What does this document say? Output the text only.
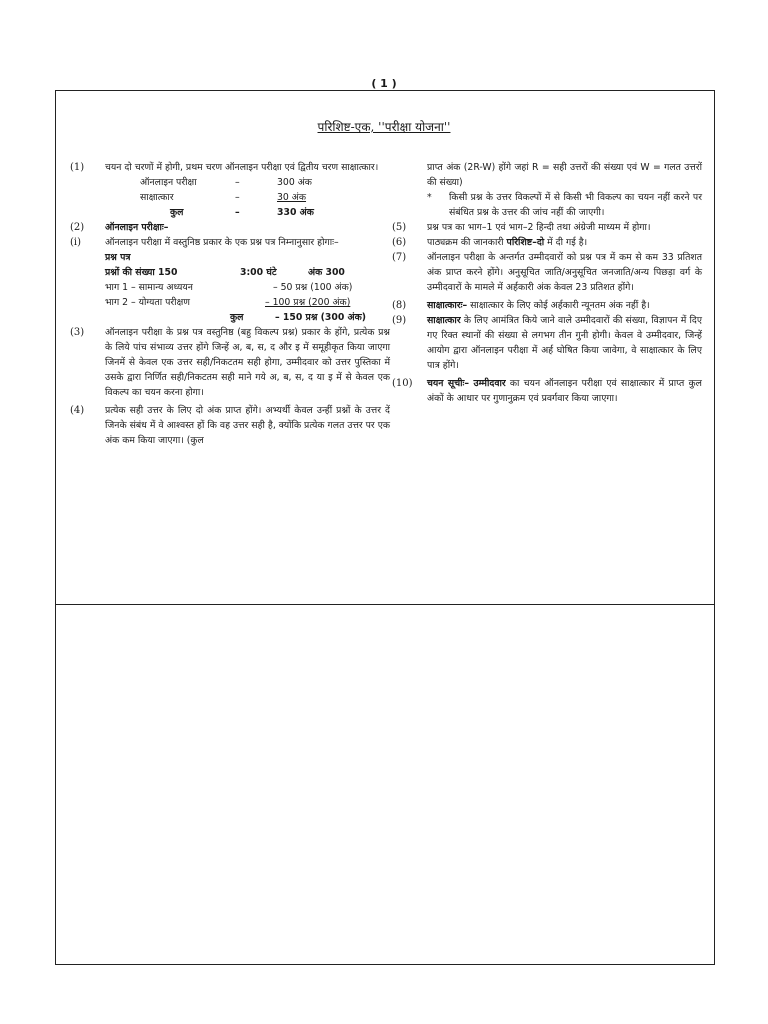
( 1 )
परिशिष्ट-एक, ''परीक्षा योजना''
(1)	चयन दो चरणों में होगी, प्रथम चरण ऑनलाइन परीक्षा एवं द्वितीय चरण साक्षात्कार।
ऑनलाइन परीक्षा	–	300 अंक
साक्षात्कार	–	30 अंक
कुल	–	330 अंक
(2)	ऑनलाइन परीक्षाः–
(i)	ऑनलाइन परीक्षा में वस्तुनिष्ठ प्रकार के एक प्रश्न पत्र निम्नानुसार होगाः–
प्रश्न पत्र
प्रश्नों की संख्या 150	3:00 घंटे	अंक 300
भाग 1 – सामान्य अध्ययन	– 50 प्रश्न (100 अंक)
भाग 2 – योग्यता परीक्षण	– 100 प्रश्न (200 अंक)
कुल	– 150 प्रश्न (300 अंक)
(3)	ऑनलाइन परीक्षा के प्रश्न पत्र वस्तुनिष्ठ (बहु विकल्प प्रश्न) प्रकार के होंगे, प्रत्येक प्रश्न के लिये पांच संभाव्य उत्तर होंगे जिन्हें अ, ब, स, द और इ में समूहीकृत किया जाएगा जिनमें से केवल एक उत्तर सही/निकटतम सही होगा, उम्मीदवार को उत्तर पुस्तिका में उसके द्वारा निर्णित सही/निकटतम सही माने गये अ, ब, स, द या इ में से केवल एक विकल्प का चयन करना होगा।
(4)	प्रत्येक सही उत्तर के लिए दो अंक प्राप्त होंगे। अभ्यर्थी केवल उन्हीं प्रश्नों के उत्तर दें जिनके संबंध में वे आश्वस्त हों कि वह उत्तर सही है, क्योंकि प्रत्येक गलत उत्तर पर एक अंक कम किया जाएगा। (कुल
प्राप्त अंक (2R-W) होंगे जहां R = सही उत्तरों की संख्या एवं W = गलत उत्तरों की संख्या)
*	किसी प्रश्न के उत्तर विकल्पों में से किसी भी विकल्प का चयन नहीं करने पर संबंधित प्रश्न के उत्तर की जांच नहीं की जाएगी।
(5)	प्रश्न पत्र का भाग–1 एवं भाग–2 हिन्दी तथा अंग्रेजी माध्यम में होगा।
(6)	पाठ्यक्रम की जानकारी परिशिष्ट–दो में दी गई है।
(7)	ऑनलाइन परीक्षा के अन्तर्गत उम्मीदवारों को प्रश्न पत्र में कम से कम 33 प्रतिशत अंक प्राप्त करने होंगे। अनुसूचित जाति/अनुसूचित जनजाति/अन्य पिछड़ा वर्ग के उम्मीदवारों के मामले में अर्हकारी अंक केवल 23 प्रतिशत होंगे।
(8)	साक्षात्कारः– साक्षात्कार के लिए कोई अर्हकारी न्यूनतम अंक नहीं है।
(9)	साक्षात्कार के लिए आमंत्रित किये जाने वाले उम्मीदवारों की संख्या, विज्ञापन में दिए गए रिक्त स्थानों की संख्या से लगभग तीन गुनी होगी। केवल वे उम्मीदवार, जिन्हें आयोग द्वारा ऑनलाइन परीक्षा में अर्ह घोषित किया जावेगा, वे साक्षात्कार के लिए पात्र होंगे।
(10)	चयन सूचीः– उम्मीदवार का चयन ऑनलाइन परीक्षा एवं साक्षात्कार में प्राप्त कुल अंकों के आधार पर गुणानुक्रम एवं प्रवर्गवार किया जाएगा।
